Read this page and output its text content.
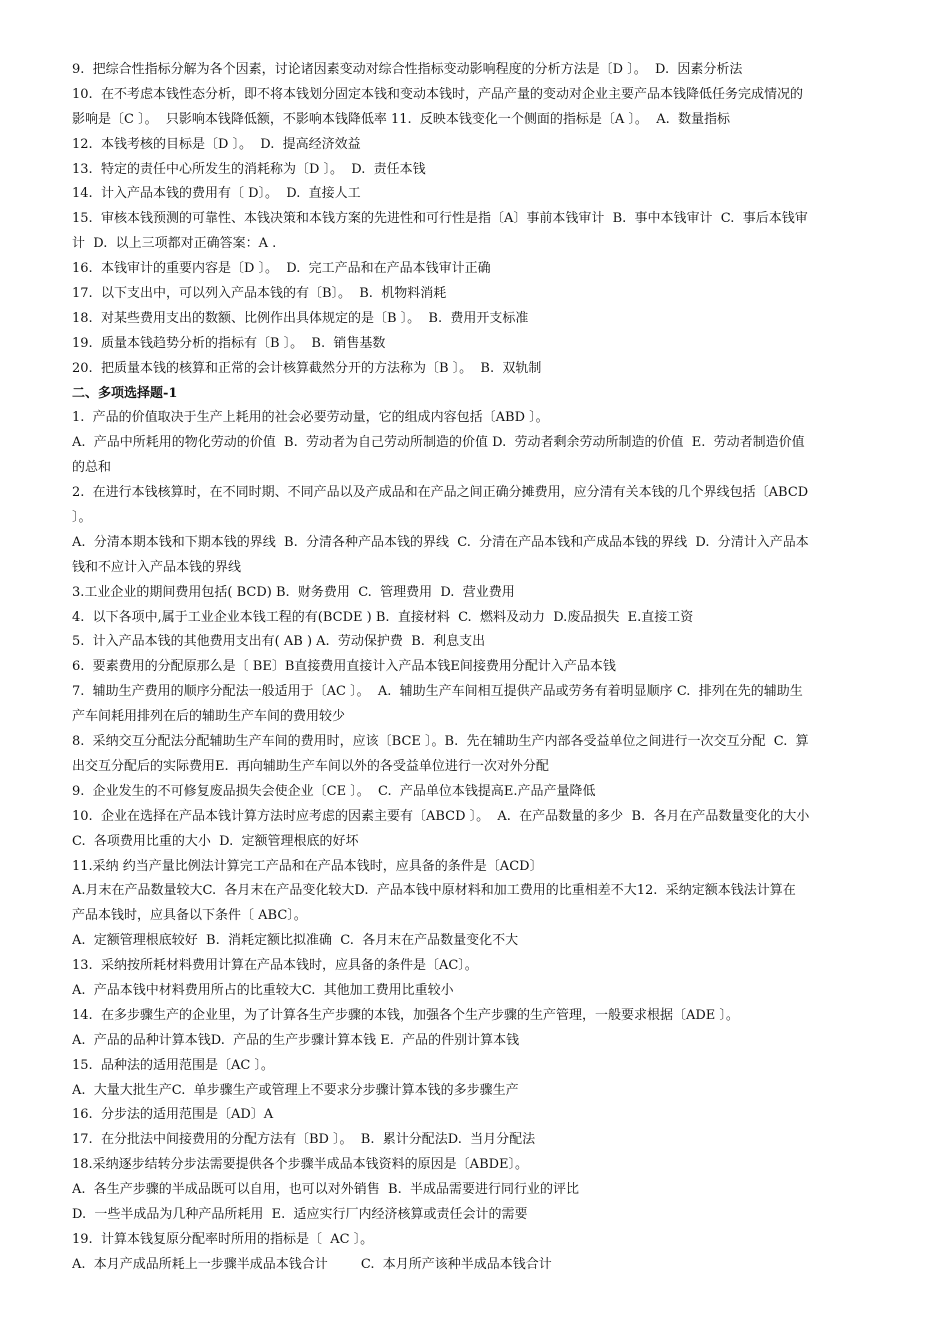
9.  把综合性指标分解为各个因素，讨论诸因素变动对综合性指标变动影响程度的分析方法是〔D 〕。  D.  因素分析法
10.  在不考虑本钱性态分析，即不将本钱划分固定本钱和变动本钱时，产品产量的变动对企业主要产品本钱降低任务完成情况的
影响是〔C 〕。  只影响本钱降低额，不影响本钱降低率 11.  反映本钱变化一个侧面的指标是〔A 〕。  A.  数量指标
12.  本钱考核的目标是〔D 〕。  D.  提高经济效益
13.  特定的责任中心所发生的消耗称为〔D 〕。  D.  责任本钱
14.  计入产品本钱的费用有〔 D〕。  D.  直接人工
15.  审核本钱预测的可靠性、本钱决策和本钱方案的先进性和可行性是指〔A〕事前本钱审计  B.  事中本钱审计  C.  事后本钱审
计  D.  以上三项都对正确答案：A .
16.  本钱审计的重要内容是〔D 〕。  D.  完工产品和在产品本钱审计正确
17.  以下支出中，可以列入产品本钱的有〔B〕。  B.  机物料消耗
18.  对某些费用支出的数额、比例作出具体规定的是〔B 〕。  B.  费用开支标准
19.  质量本钱趋势分析的指标有〔B 〕。  B.  销售基数
20.  把质量本钱的核算和正常的会计核算截然分开的方法称为〔B 〕。  B.  双轨制
二、多项选择题-1
1.  产品的价值取决于生产上耗用的社会必要劳动量，它的组成内容包括〔ABD 〕。
A.  产品中所耗用的物化劳动的价值  B.  劳动者为自己劳动所制造的价值 D.  劳动者剩余劳动所制造的价值  E.  劳动者制造价值
的总和
2.  在进行本钱核算时，在不同时期、不同产品以及产成品和在产品之间正确分摊费用，应分清有关本钱的几个界线包括〔ABCD
〕。
A.  分清本期本钱和下期本钱的界线  B.  分清各种产品本钱的界线  C.  分清在产品本钱和产成品本钱的界线  D.  分清计入产品本
钱和不应计入产品本钱的界线
3.工业企业的期间费用包括( BCD) B.  财务费用  C.  管理费用  D.  营业费用
4.  以下各项中,属于工业企业本钱工程的有(BCDE ) B.  直接材料  C.  燃料及动力  D.废品损失  E.直接工资
5.  计入产品本钱的其他费用支出有( AB ) A.  劳动保护费  B.  利息支出
6.  要素费用的分配原那么是〔 BE〕B直接费用直接计入产品本钱E间接费用分配计入产品本钱
7.  辅助生产费用的顺序分配法一般适用于〔AC 〕。  A.  辅助生产车间相互提供产品或劳务有着明显顺序 C.  排列在先的辅助生
产车间耗用排列在后的辅助生产车间的费用较少
8.  采纳交互分配法分配辅助生产车间的费用时，应该〔BCE 〕。B.  先在辅助生产内部各受益单位之间进行一次交互分配  C.  算
出交互分配后的实际费用E.  再向辅助生产车间以外的各受益单位进行一次对外分配
9.  企业发生的不可修复废品损失会使企业〔CE 〕。  C.  产品单位本钱提高E.产品产量降低
10.  企业在选择在产品本钱计算方法时应考虑的因素主要有〔ABCD 〕。  A.  在产品数量的多少  B.  各月在产品数量变化的大小
C.  各项费用比重的大小  D.  定额管理根底的好坏
11.采纳 约当产量比例法计算完工产品和在产品本钱时，应具备的条件是〔ACD〕
A.月末在产品数量较大C.  各月末在产品变化较大D.  产品本钱中原材料和加工费用的比重相差不大12.  采纳定额本钱法计算在
产品本钱时，应具备以下条件〔 ABC〕。
A.  定额管理根底较好  B.  消耗定额比拟准确  C.  各月末在产品数量变化不大
13.  采纳按所耗材料费用计算在产品本钱时，应具备的条件是〔AC〕。
A.  产品本钱中材料费用所占的比重较大C.  其他加工费用比重较小
14.  在多步骤生产的企业里，为了计算各生产步骤的本钱，加强各个生产步骤的生产管理，一般要求根据〔ADE 〕。
A.  产品的品种计算本钱D.  产品的生产步骤计算本钱 E.  产品的件别计算本钱
15.  品种法的适用范围是〔AC 〕。
A.  大量大批生产C.  单步骤生产或管理上不要求分步骤计算本钱的多步骤生产
16.  分步法的适用范围是〔AD〕A
17.  在分批法中间接费用的分配方法有〔BD 〕。  B.  累计分配法D.  当月分配法
18.采纳逐步结转分步法需要提供各个步骤半成品本钱资料的原因是〔ABDE〕。
A.  各生产步骤的半成品既可以自用，也可以对外销售  B.  半成品需要进行同行业的评比
D.  一些半成品为几种产品所耗用  E.  适应实行厂内经济核算或责任会计的需要
19.  计算本钱复原分配率时所用的指标是〔  AC 〕。
A.  本月产成品所耗上一步骤半成品本钱合计        C.  本月所产该种半成品本钱合计
